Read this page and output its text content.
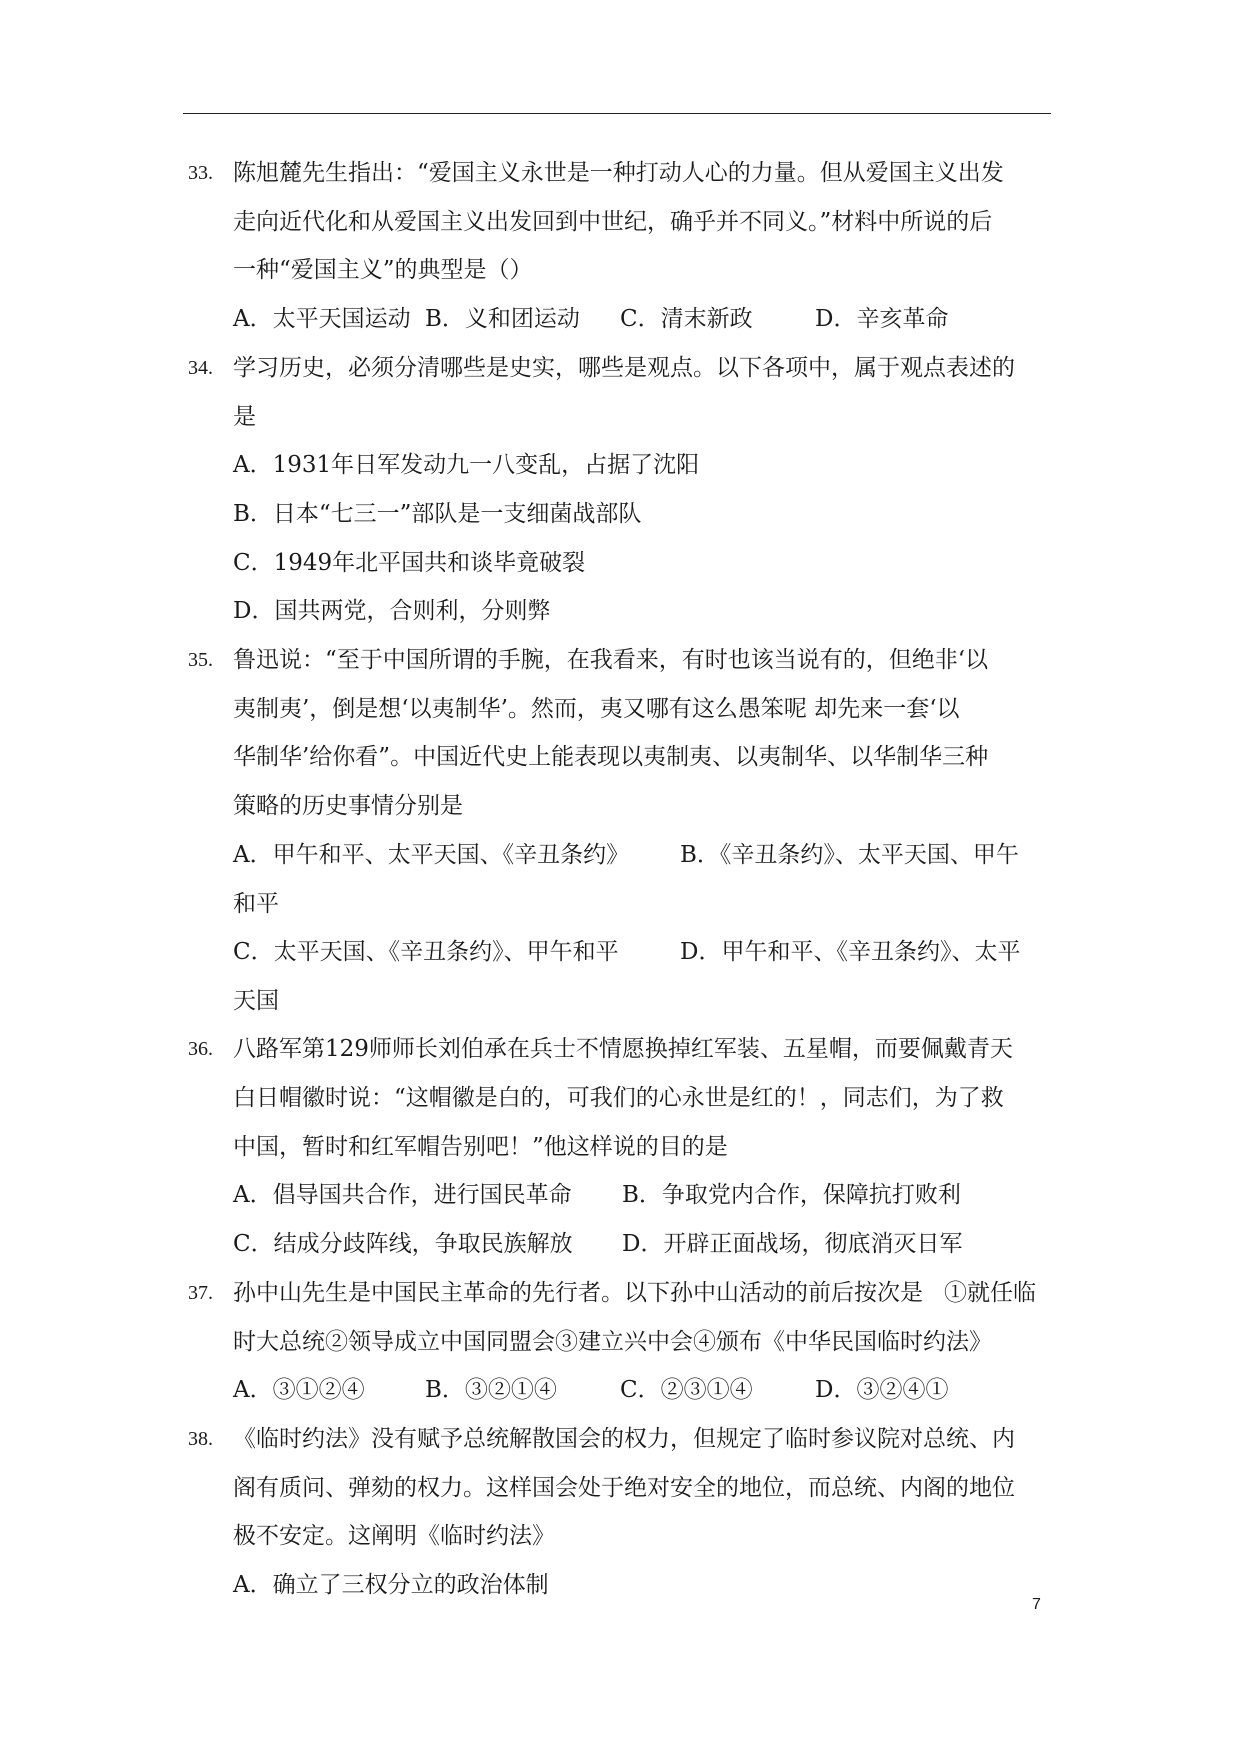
33. 陈旭麓先生指出：“爱国主义永世是一种打动人心的力量。但从爱国主义出发
走向近代化和从爱国主义出发回到中世纪，确乎并不同义。”材料中所说的后
一种“爱国主义”的典型是（）
A．太平天国运动 B．义和团运动 C．清末新政	D．辛亥革命
34. 学习历史，必须分清哪些是史实，哪些是观点。以下各项中，属于观点表述的
是
A．1931年日军发动九一八变乱，占据了沈阳
B．日本“七三一”部队是一支细菌战部队
C．1949年北平国共和谈毕竟破裂
D．国共两党，合则利，分则弊
35. 鲁迅说：“至于中国所谓的手腕，在我看来，有时也该当说有的，但绝非‘以
夷制夷’，倒是想‘以夷制华’。然而，夷又哪有这么愚笨呢 却先来一套‘以
华制华’给你看”。中国近代史上能表现以夷制夷、以夷制华、以华制华三种
策略的历史事情分别是
A．甲午和平、太平天国、《辛丑条约》 B．《辛丑条约》、太平天国、甲午
和平
C．太平天国、《辛丑条约》、甲午和平	D．甲午和平、《辛丑条约》、太平
天国
36. 八路军第129师师长刘伯承在兵士不情愿换掉红军装、五星帽，而要佩戴青天
白日帽徽时说：“这帽徽是白的，可我们的心永世是红的！，同志们，为了救
中国，暂时和红军帽告别吧！”他这样说的目的是
A．倡导国共合作，进行国民革命 B．争取党内合作，保障抗打败利
C．结成分歧阵线，争取民族解放 D．开辟正面战场，彻底消灭日军
37. 孙中山先生是中国民主革命的先行者。以下孙中山活动的前后按次是 ①就任临
时大总统②领导成立中国同盟会③建立兴中会④颁布《中华民国临时约法》
A．③①②④	B．③②①④	C．②③①④	D．③②④①
38. 《临时约法》没有赋予总统解散国会的权力，但规定了临时参议院对总统、内
阁有质问、弹劾的权力。这样国会处于绝对安全的地位，而总统、内阁的地位
极不安定。这阐明《临时约法》
A．确立了三权分立的政治体制
7
